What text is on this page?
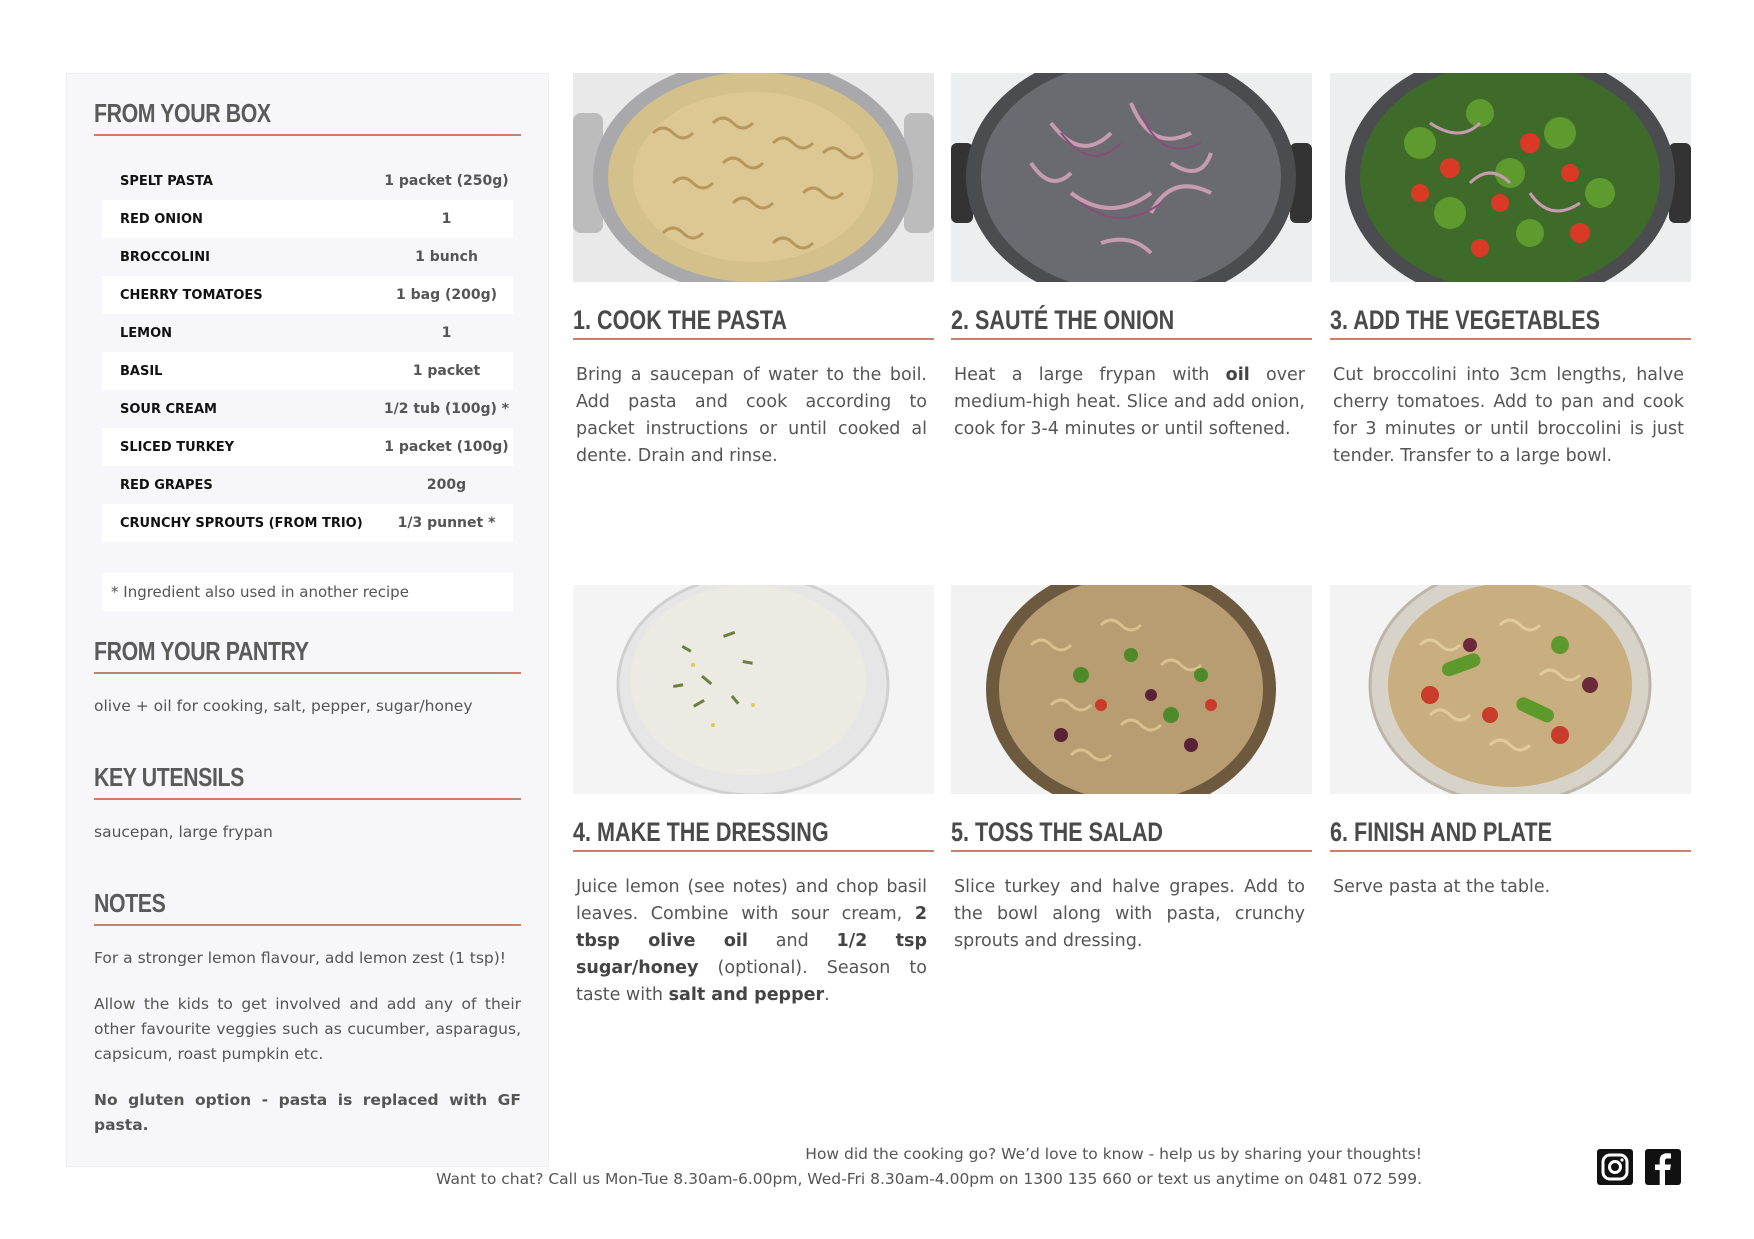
FROM YOUR BOX
SPELT PASTA	1 packet (250g)
RED ONION	1
BROCCOLINI	1 bunch
CHERRY TOMATOES	1 bag (200g)
LEMON	1
BASIL	1 packet
SOUR CREAM	1/2 tub (100g) *
SLICED TURKEY	1 packet (100g)
RED GRAPES	200g
CRUNCHY SPROUTS (FROM TRIO)	1/3 punnet *
* Ingredient also used in another recipe
FROM YOUR PANTRY
olive + oil for cooking, salt, pepper, sugar/honey
KEY UTENSILS
saucepan, large frypan
NOTES
For a stronger lemon flavour, add lemon zest (1 tsp)!
Allow the kids to get involved and add any of their other favourite veggies such as cucumber, asparagus, capsicum, roast pumpkin etc.
No gluten option - pasta is replaced with GF pasta.
1. COOK THE PASTA
Bring a saucepan of water to the boil. Add pasta and cook according to packet instructions or until cooked al dente. Drain and rinse.
2. SAUTÉ THE ONION
Heat a large frypan with oil over medium-high heat. Slice and add onion, cook for 3-4 minutes or until softened.
3. ADD THE VEGETABLES
Cut broccolini into 3cm lengths, halve cherry tomatoes. Add to pan and cook for 3 minutes or until broccolini is just tender. Transfer to a large bowl.
4. MAKE THE DRESSING
Juice lemon (see notes) and chop basil leaves. Combine with sour cream, 2 tbsp olive oil and 1/2 tsp sugar/honey (optional). Season to taste with salt and pepper.
5. TOSS THE SALAD
Slice turkey and halve grapes. Add to the bowl along with pasta, crunchy sprouts and dressing.
6. FINISH AND PLATE
Serve pasta at the table.
How did the cooking go? We’d love to know - help us by sharing your thoughts!
Want to chat? Call us Mon-Tue 8.30am-6.00pm, Wed-Fri 8.30am-4.00pm on 1300 135 660 or text us anytime on 0481 072 599.
